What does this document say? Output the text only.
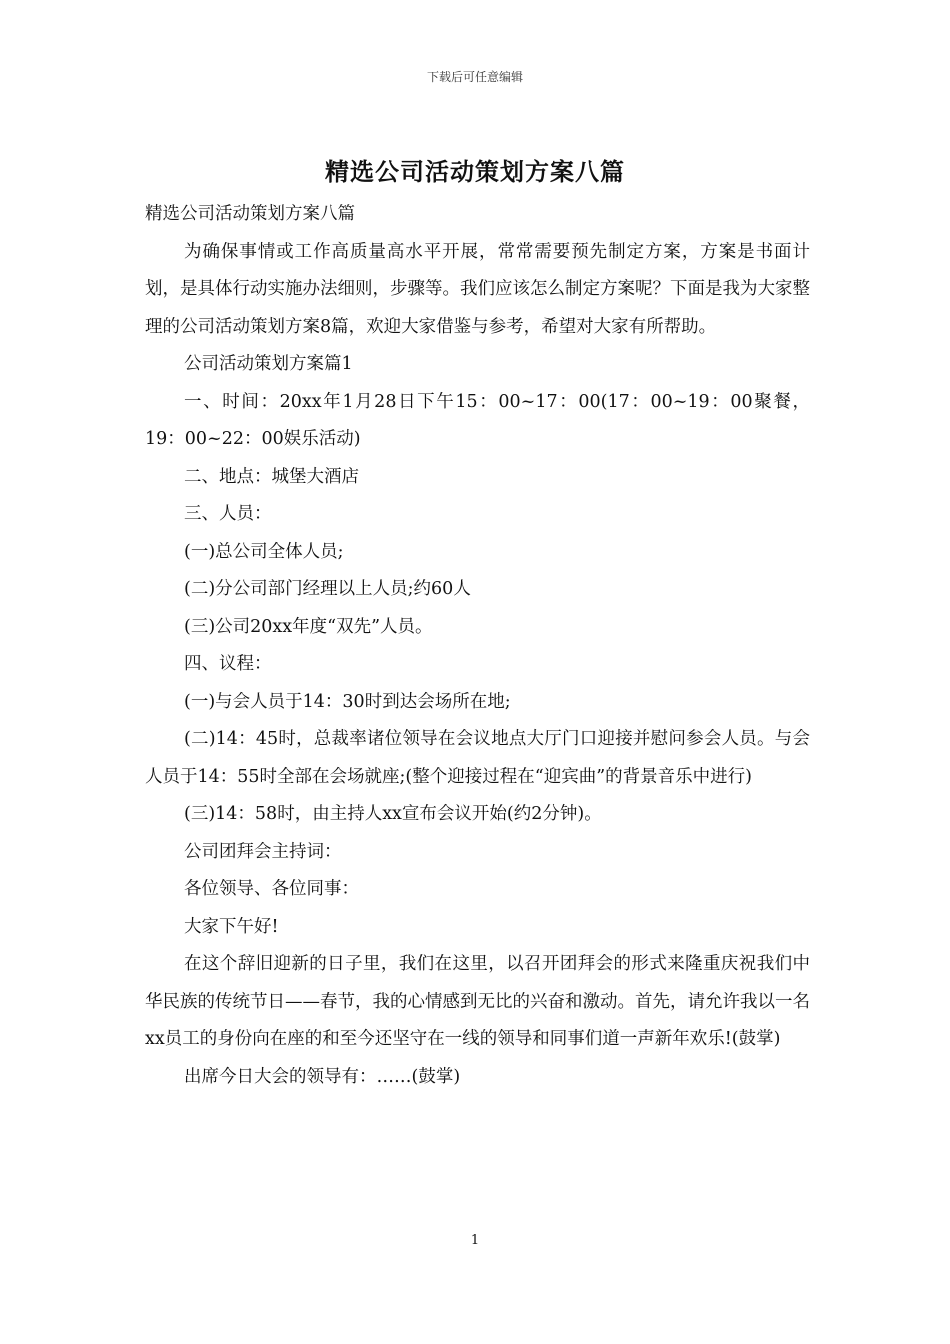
下载后可任意编辑
精选公司活动策划方案八篇

精选公司活动策划方案八篇

为确保事情或工作高质量高水平开展，常常需要预先制定方案，方案是书面计划，是具体行动实施办法细则，步骤等。我们应该怎么制定方案呢？下面是我为大家整理的公司活动策划方案8篇，欢迎大家借鉴与参考，希望对大家有所帮助。

公司活动策划方案篇1

一、时间：20xx年1月28日下午15：00~17：00(17：00~19：00聚餐，19：00~22：00娱乐活动)

二、地点：城堡大酒店

三、人员：

(一)总公司全体人员;

(二)分公司部门经理以上人员;约60人

(三)公司20xx年度“双先”人员。

四、议程：

(一)与会人员于14：30时到达会场所在地;

(二)14：45时，总裁率诸位领导在会议地点大厅门口迎接并慰问参会人员。与会人员于14：55时全部在会场就座;(整个迎接过程在“迎宾曲”的背景音乐中进行)

(三)14：58时，由主持人xx宣布会议开始(约2分钟)。

公司团拜会主持词：

各位领导、各位同事：

大家下午好!

在这个辞旧迎新的日子里，我们在这里，以召开团拜会的形式来隆重庆祝我们中华民族的传统节日——春节，我的心情感到无比的兴奋和激动。首先，请允许我以一名xx员工的身份向在座的和至今还坚守在一线的领导和同事们道一声新年欢乐!(鼓掌)

出席今日大会的领导有：……(鼓掌)

1
